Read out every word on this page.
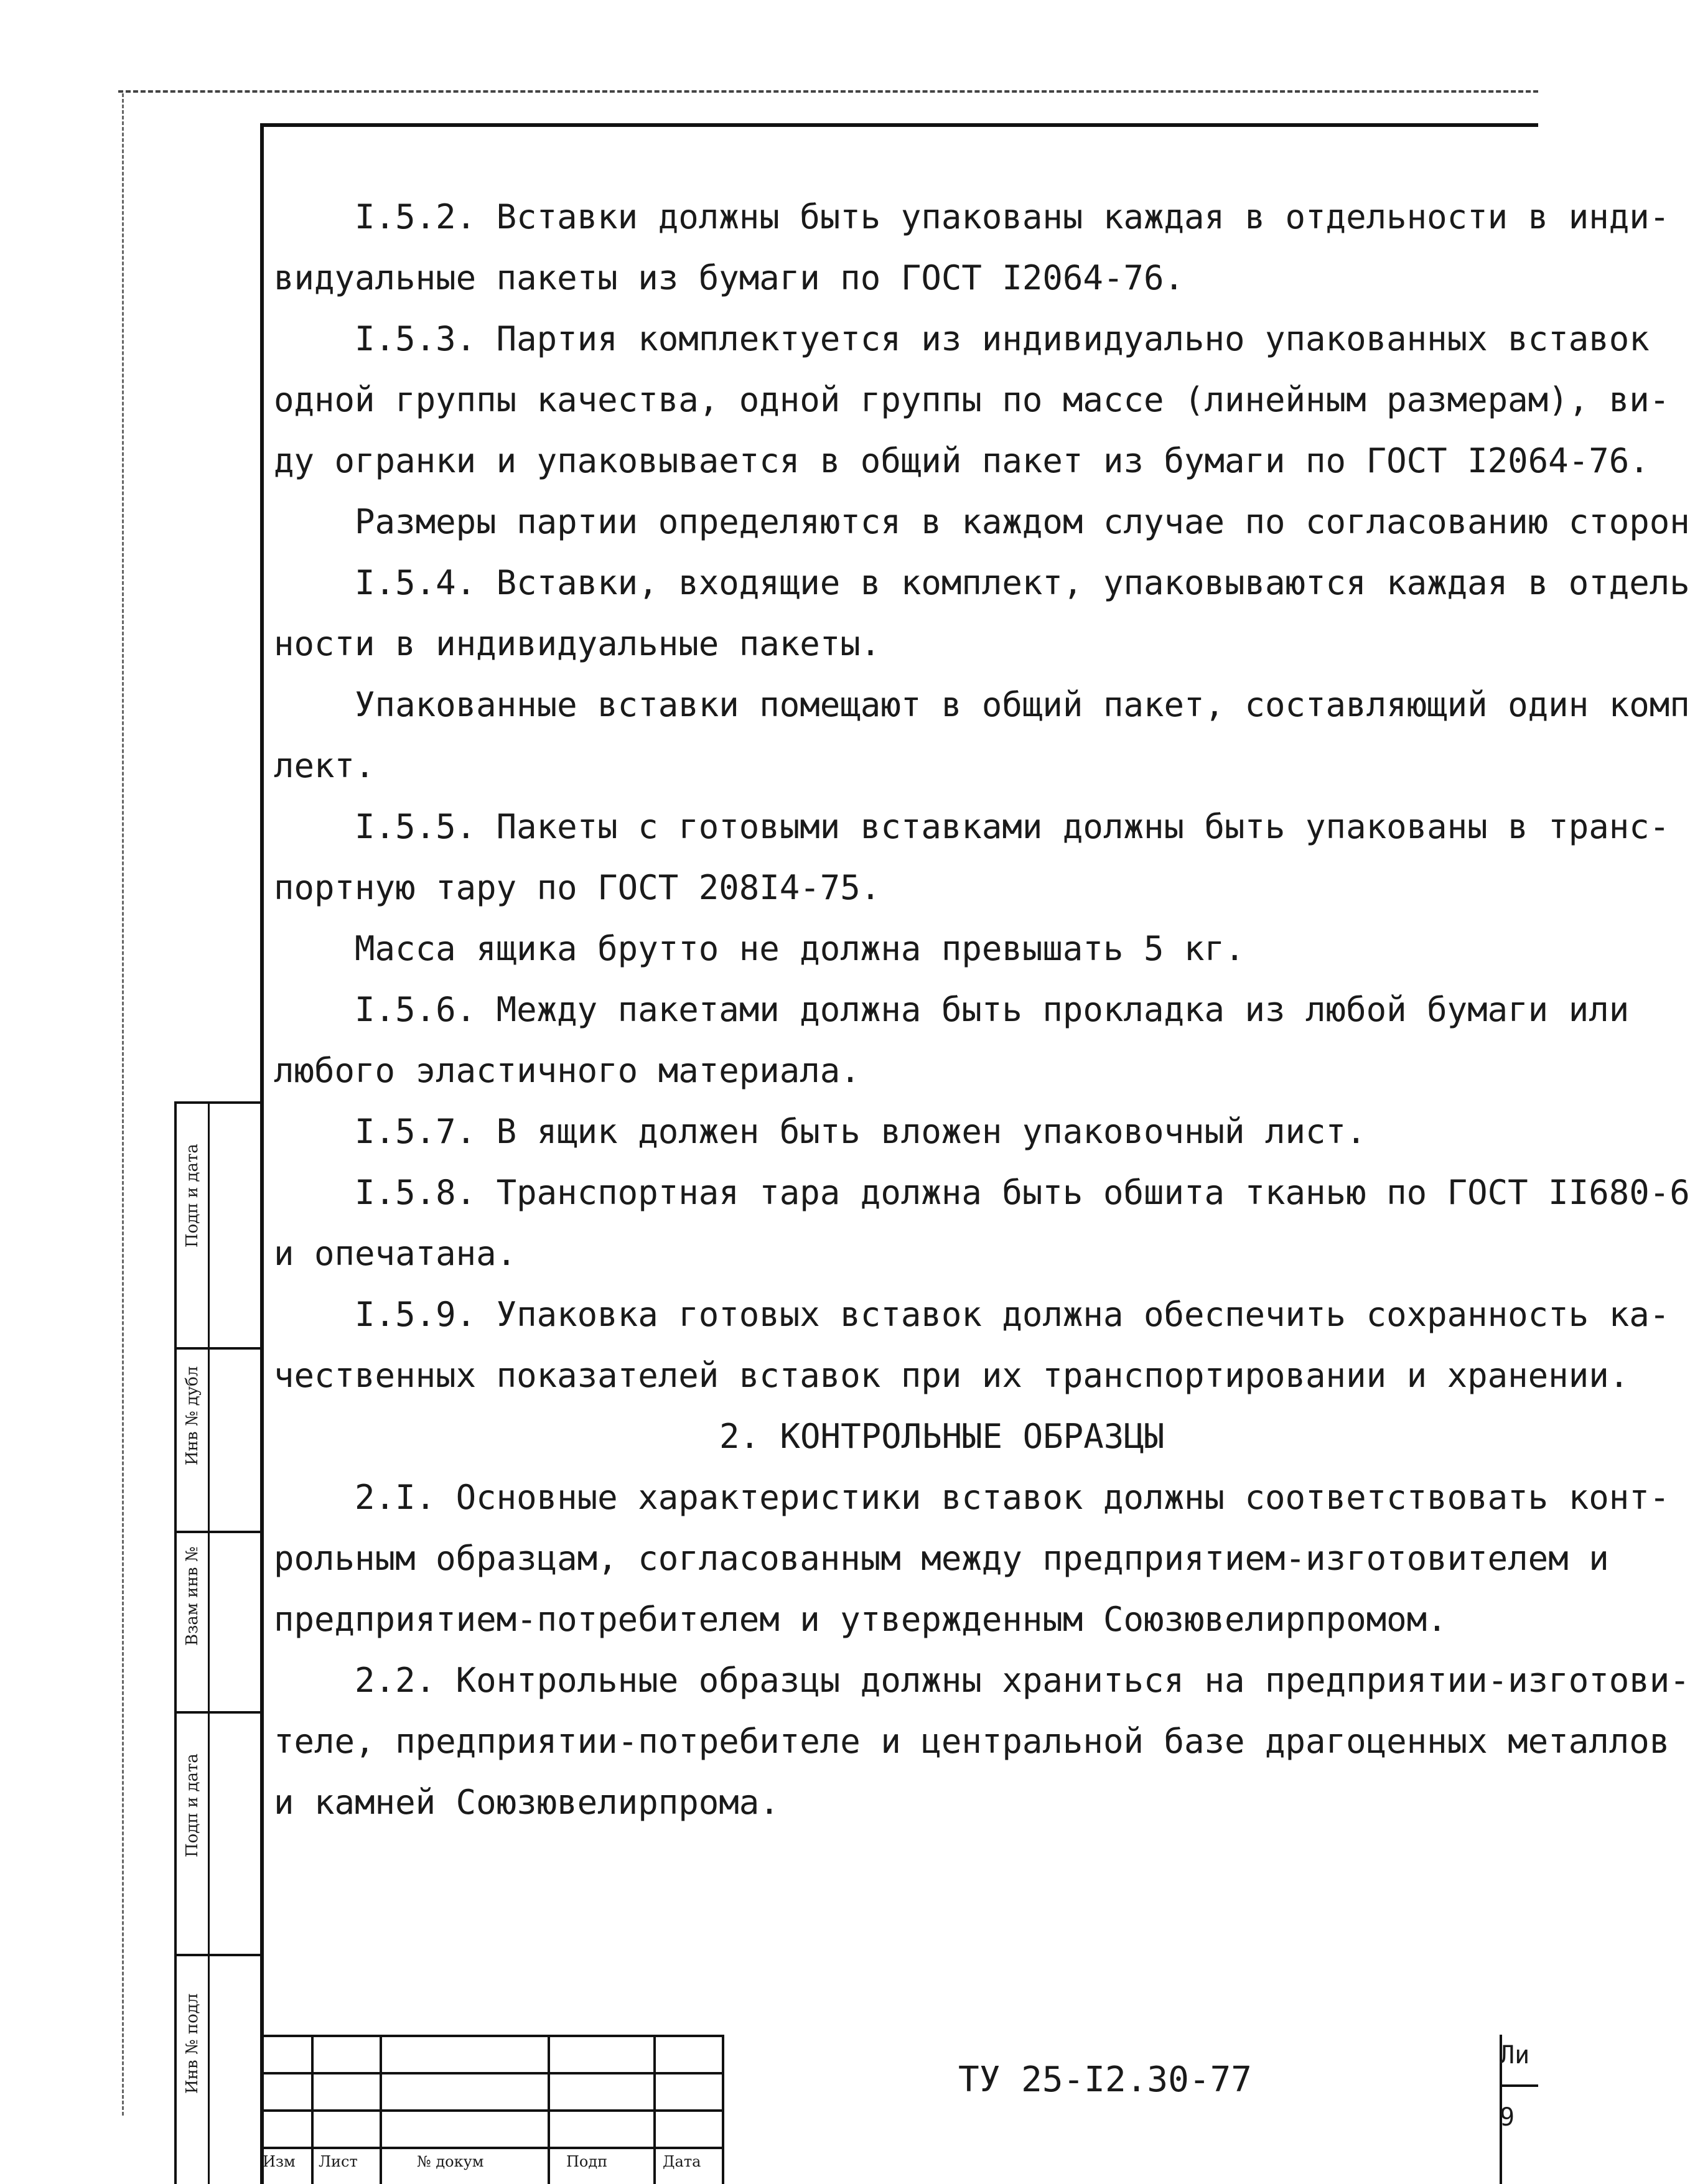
I.5.2. Вставки должны быть упакованы каждая в отдельности в инди-
видуальные пакеты из бумаги по ГОСТ I2064-76.
I.5.3. Партия комплектуется из индивидуально упакованных вставок
одной группы качества, одной группы по массе (линейным размерам), ви-
ду огранки и упаковывается в общий пакет из бумаги по ГОСТ I2064-76.
Размеры партии определяются в каждом случае по согласованию сторон
I.5.4. Вставки, входящие в комплект, упаковываются каждая в отдель
ности в индивидуальные пакеты.
Упакованные вставки помещают в общий пакет, составляющий один комп
лект.
I.5.5. Пакеты с готовыми вставками должны быть упакованы в транс-
портную тару по ГОСТ 208I4-75.
Масса ящика брутто не должна превышать 5 кг.
I.5.6. Между пакетами должна быть прокладка из любой бумаги или
любого эластичного материала.
I.5.7. В ящик должен быть вложен упаковочный лист.
I.5.8. Транспортная тара должна быть обшита тканью по ГОСТ II680-6
и опечатана.
I.5.9. Упаковка готовых вставок должна обеспечить сохранность ка-
чественных показателей вставок при их транспортировании и хранении.
2. КОНТРОЛЬНЫЕ ОБРАЗЦЫ
2.I. Основные характеристики вставок должны соответствовать конт-
рольным образцам, согласованным между предприятием-изготовителем и
предприятием-потребителем и утвержденным Союзювелирпромом.
2.2. Контрольные образцы должны храниться на предприятии-изготови-
теле, предприятии-потребителе и центральной базе драгоценных металлов
и камней Союзювелирпрома.
Подп и дата
Инв № дубл
Взам инв №
Подп и дата
Инв № подл
Изм Лист	№ докум	Подп	Дата
ТУ 25-I2.30-77
Ли
9
